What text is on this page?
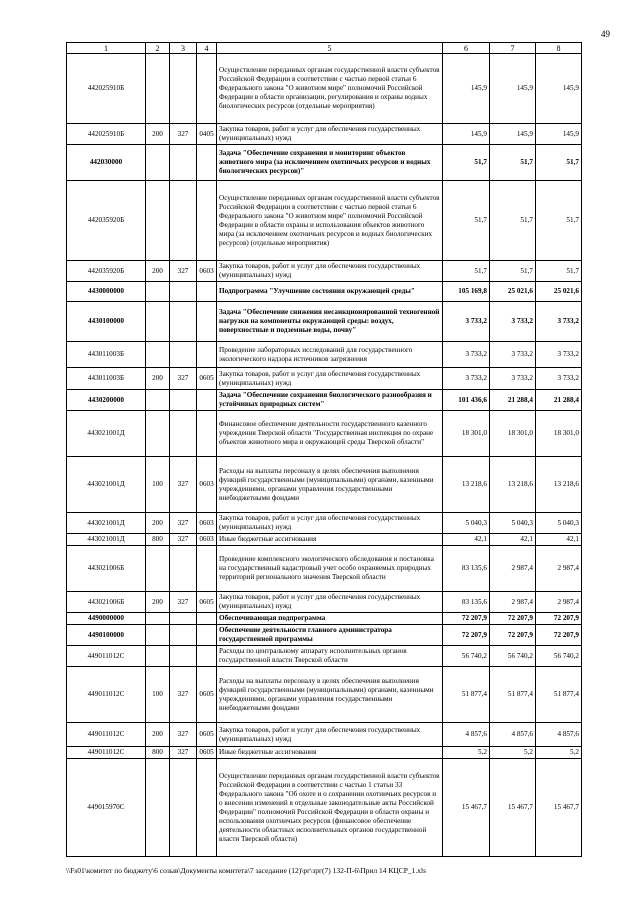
49
1	2	3	4	5	6	7	8
442025910Б				Осуществление переданных органам государственной власти субъектов Российской Федерации в соответствии с частью первой статьи 6 Федерального закона "О животном мире" полномочий Российской Федерации в области организации, регулирования и охраны водных биологических ресурсов (отдельные мероприятия)	145,9	145,9	145,9
442025910Б	200	327	0405	Закупка товаров, работ и услуг для обеспечения государственных (муниципальных) нужд	145,9	145,9	145,9
442030000				Задача "Обеспечение сохранения и мониторинг объектов животного мира (за исключением охотничьих ресурсов и водных биологических ресурсов)"	51,7	51,7	51,7
442035920Б				Осуществление переданных органам государственной власти субъектов Российской Федерации в соответствии с частью первой статьи 6 Федерального закона "О животном мире" полномочий Российской Федерации в области охраны и использования объектов животного мира (за исключением охотничьих ресурсов и водных биологических ресурсов) (отдельные мероприятия)	51,7	51,7	51,7
442035920Б	200	327	0603	Закупка товаров, работ и услуг для обеспечения государственных (муниципальных) нужд	51,7	51,7	51,7
4430000000				Подпрограмма "Улучшение состояния окружающей среды"	105 169,8	25 021,6	25 021,6
4430100000				Задача "Обеспечение снижения несанкционированной техногенной нагрузки на компоненты окружающей среды: воздух, поверхностные и подземные воды, почву"	3 733,2	3 733,2	3 733,2
443011003Б				Проведение лабораторных исследований для государственного экологического надзора источников загрязнения	3 733,2	3 733,2	3 733,2
443011003Б	200	327	0605	Закупка товаров, работ и услуг для обеспечения государственных (муниципальных) нужд	3 733,2	3 733,2	3 733,2
4430200000				Задача "Обеспечение сохранения биологического разнообразия и устойчивых природных систем"	101 436,6	21 288,4	21 288,4
443021001Д				Финансовое обеспечение деятельности государственного казенного учреждения Тверской области "Государственная инспекция по охране объектов животного мира и окружающей среды Тверской области"	18 301,0	18 301,0	18 301,0
443021001Д	100	327	0603	Расходы на выплаты персоналу в целях обеспечения выполнения функций государственными (муниципальными) органами, казенными учреждениями, органами управления государственными внебюджетными фондами	13 218,6	13 218,6	13 218,6
443021001Д	200	327	0603	Закупка товаров, работ и услуг для обеспечения государственных (муниципальных) нужд	5 040,3	5 040,3	5 040,3
443021001Д	800	327	0603	Иные бюджетные ассигнования	42,1	42,1	42,1
443021006Б				Проведение комплексного экологического обследования и постановка на государственный кадастровый учет особо охраняемых природных территорий регионального значения Тверской области	83 135,6	2 987,4	2 987,4
443021006Б	200	327	0605	Закупка товаров, работ и услуг для обеспечения государственных (муниципальных) нужд	83 135,6	2 987,4	2 987,4
4490000000				Обеспечивающая подпрограмма	72 207,9	72 207,9	72 207,9
4490100000				Обеспечение деятельности главного администратора государственной программы	72 207,9	72 207,9	72 207,9
449011012С				Расходы по центральному аппарату исполнительных органов государственной власти Тверской области	56 740,2	56 740,2	56 740,2
449011012С	100	327	0605	Расходы на выплаты персоналу в целях обеспечения выполнения функций государственными (муниципальными) органами, казенными учреждениями, органами управления государственными внебюджетными фондами	51 877,4	51 877,4	51 877,4
449011012С	200	327	0605	Закупка товаров, работ и услуг для обеспечения государственных (муниципальных) нужд	4 857,6	4 857,6	4 857,6
449011012С	800	327	0605	Иные бюджетные ассигнования	5,2	5,2	5,2
449015970С				Осуществление переданных органам государственной власти субъектов Российской Федерации в соответствии с частью 1 статьи 33 Федерального закона "Об охоте и о сохранении охотничьих ресурсов и о внесении изменений в отдельные законодательные акты Российской Федерации" полномочий Российской Федерации в области охраны и использования охотничьих ресурсов (финансовое обеспечение деятельности областных исполнительных органов государственной власти Тверской области)	15 467,7	15 467,7	15 467,7
\\Fs01\комитет по бюджету\6 созыв\Документы комитета\7 заседание (12)\рг\зрг(7) 132-П-6\Прил 14 КЦСР_1.xls
